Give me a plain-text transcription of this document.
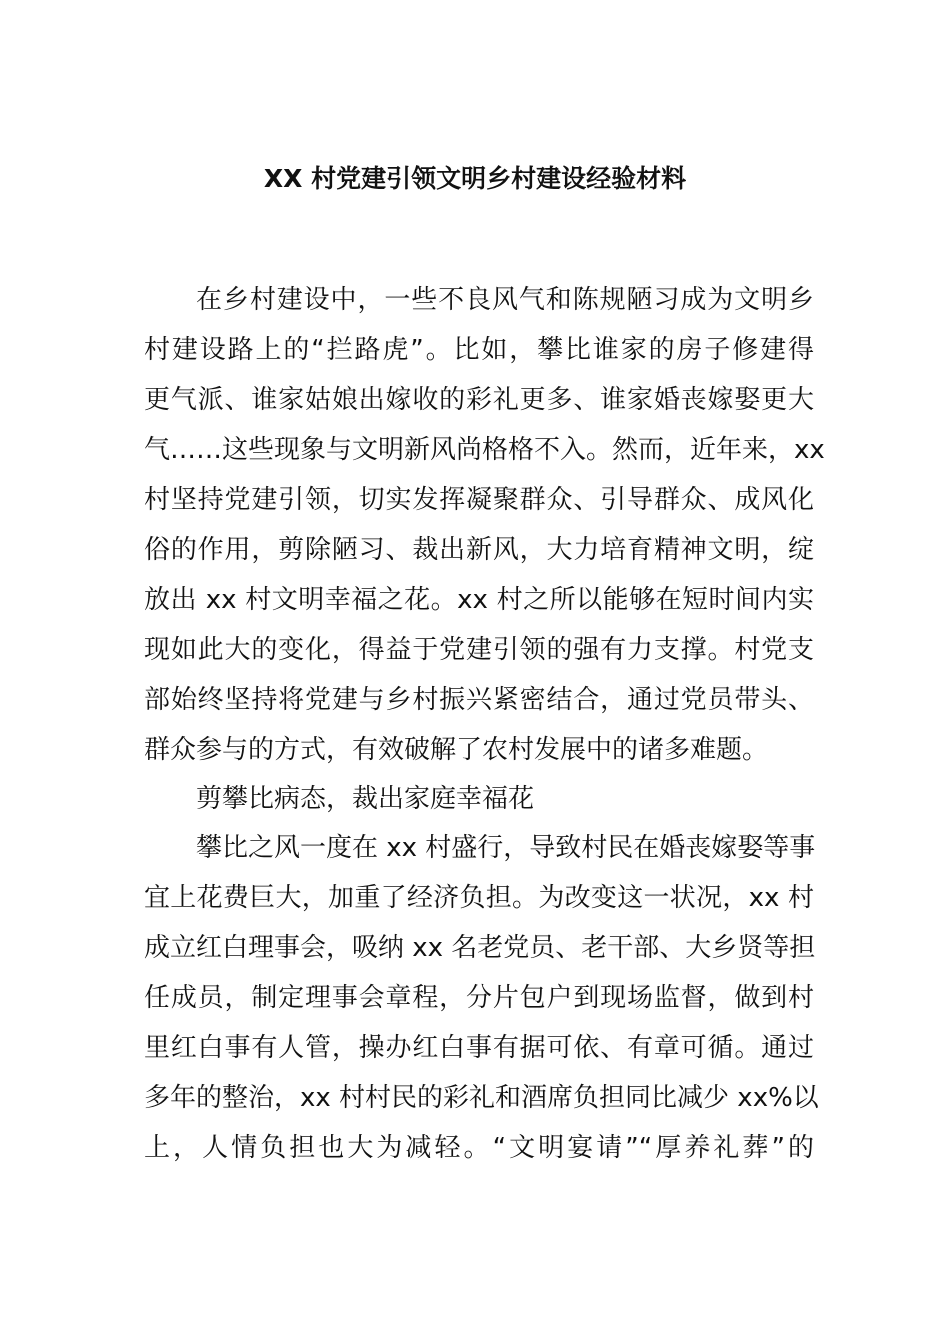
XX 村党建引领文明乡村建设经验材料

在乡村建设中，一些不良风气和陈规陋习成为文明乡

村建设路上的“拦路虎”。比如，攀比谁家的房子修建得

更气派、谁家姑娘出嫁收的彩礼更多、谁家婚丧嫁娶更大

气……这些现象与文明新风尚格格不入。然而，近年来，xx

村坚持党建引领，切实发挥凝聚群众、引导群众、成风化

俗的作用，剪除陋习、裁出新风，大力培育精神文明，绽

放出 xx 村文明幸福之花。xx 村之所以能够在短时间内实

现如此大的变化，得益于党建引领的强有力支撑。村党支

部始终坚持将党建与乡村振兴紧密结合，通过党员带头、

群众参与的方式，有效破解了农村发展中的诸多难题。

剪攀比病态，裁出家庭幸福花

攀比之风一度在 xx 村盛行，导致村民在婚丧嫁娶等事

宜上花费巨大，加重了经济负担。为改变这一状况，xx 村

成立红白理事会，吸纳 xx 名老党员、老干部、大乡贤等担

任成员，制定理事会章程，分片包户到现场监督，做到村

里红白事有人管，操办红白事有据可依、有章可循。通过

多年的整治，xx 村村民的彩礼和酒席负担同比减少 xx%以

上，人情负担也大为减轻。“文明宴请”“厚养礼葬”的
